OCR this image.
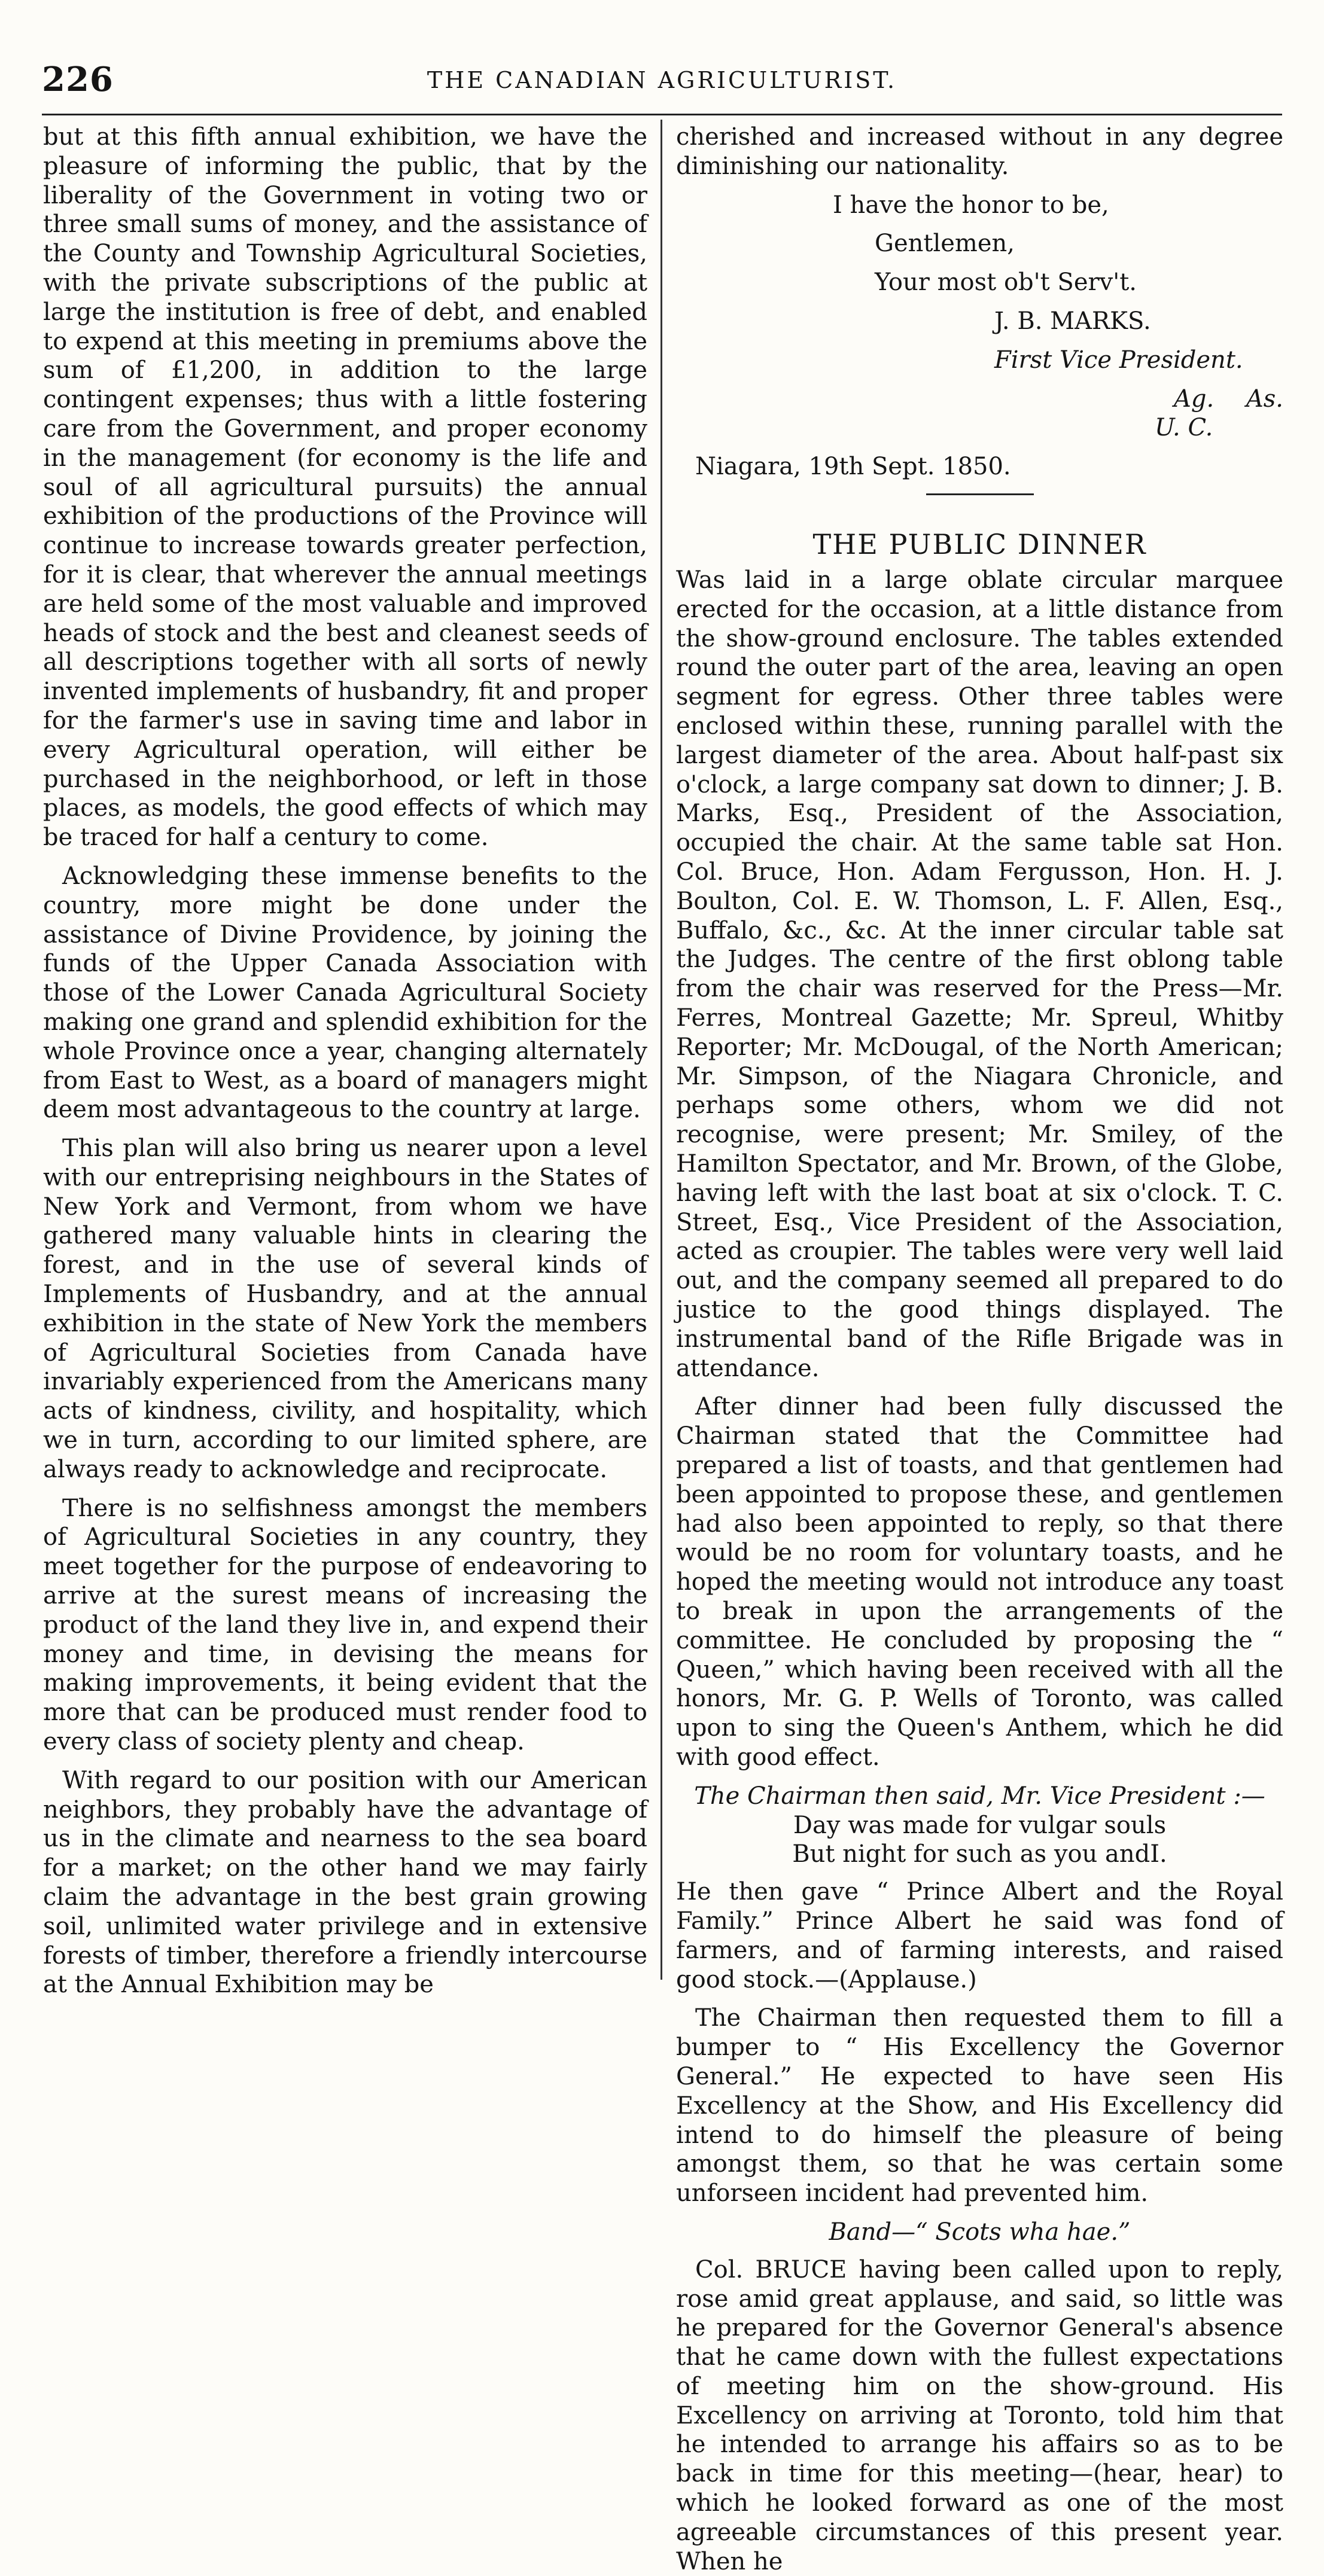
226	THE CANADIAN AGRICULTURIST.

but at this fifth annual exhibition, we have the pleasure of informing the public, that by the liberality of the Government in voting two or three small sums of money, and the assistance of the County and Township Agricultural Societies, with the private subscriptions of the public at large the institution is free of debt, and enabled to expend at this meeting in premiums above the sum of £1,200, in addition to the large contingent expenses; thus with a little fostering care from the Government, and proper economy in the management (for economy is the life and soul of all agricultural pursuits) the annual exhibition of the productions of the Province will continue to increase towards greater perfection, for it is clear, that wherever the annual meetings are held some of the most valuable and improved heads of stock and the best and cleanest seeds of all descriptions together with all sorts of newly invented implements of husbandry, fit and proper for the farmer's use in saving time and labor in every Agricultural operation, will either be purchased in the neighborhood, or left in those places, as models, the good effects of which may be traced for half a century to come.

Acknowledging these immense benefits to the country, more might be done under the assistance of Divine Providence, by joining the funds of the Upper Canada Association with those of the Lower Canada Agricultural Society making one grand and splendid exhibition for the whole Province once a year, changing alternately from East to West, as a board of managers might deem most advantageous to the country at large.

This plan will also bring us nearer upon a level with our entreprising neighbours in the States of New York and Vermont, from whom we have gathered many valuable hints in clearing the forest, and in the use of several kinds of Implements of Husbandry, and at the annual exhibition in the state of New York the members of Agricultural Societies from Canada have invariably experienced from the Americans many acts of kindness, civility, and hospitality, which we in turn, according to our limited sphere, are always ready to acknowledge and reciprocate.

There is no selfishness amongst the members of Agricultural Societies in any country, they meet together for the purpose of endeavoring to arrive at the surest means of increasing the product of the land they live in, and expend their money and time, in devising the means for making improvements, it being evident that the more that can be produced must render food to every class of society plenty and cheap.

With regard to our position with our American neighbors, they probably have the advantage of us in the climate and nearness to the sea board for a market; on the other hand we may fairly claim the advantage in the best grain growing soil, unlimited water privilege and in extensive forests of timber, therefore a friendly intercourse at the Annual Exhibition may be

cherished and increased without in any degree diminishing our nationality.

I have the honor to be,

Gentlemen,

Your most ob't Serv't.

J. B. MARKS.

First Vice President.

Ag. As. U. C.

Niagara, 19th Sept. 1850.

THE PUBLIC DINNER

Was laid in a large oblate circular marquee erected for the occasion, at a little distance from the show-ground enclosure. The tables extended round the outer part of the area, leaving an open segment for egress. Other three tables were enclosed within these, running parallel with the largest diameter of the area. About half-past six o'clock, a large company sat down to dinner; J. B. Marks, Esq., President of the Association, occupied the chair. At the same table sat Hon. Col. Bruce, Hon. Adam Fergusson, Hon. H. J. Boulton, Col. E. W. Thomson, L. F. Allen, Esq., Buffalo, &c., &c. At the inner circular table sat the Judges. The centre of the first oblong table from the chair was reserved for the Press—Mr. Ferres, Montreal Gazette; Mr. Spreul, Whitby Reporter; Mr. McDougal, of the North American; Mr. Simpson, of the Niagara Chronicle, and perhaps some others, whom we did not recognise, were present; Mr. Smiley, of the Hamilton Spectator, and Mr. Brown, of the Globe, having left with the last boat at six o'clock. T. C. Street, Esq., Vice President of the Association, acted as croupier. The tables were very well laid out, and the company seemed all prepared to do justice to the good things displayed. The instrumental band of the Rifle Brigade was in attendance.

After dinner had been fully discussed the Chairman stated that the Committee had prepared a list of toasts, and that gentlemen had been appointed to propose these, and gentlemen had also been appointed to reply, so that there would be no room for voluntary toasts, and he hoped the meeting would not introduce any toast to break in upon the arrangements of the committee. He concluded by proposing the “ Queen,” which having been received with all the honors, Mr. G. P. Wells of Toronto, was called upon to sing the Queen's Anthem, which he did with good effect.

The Chairman then said, Mr. Vice President :—

Day was made for vulgar souls

But night for such as you andI.

He then gave “ Prince Albert and the Royal Family.” Prince Albert he said was fond of farmers, and of farming interests, and raised good stock.—(Applause.)

The Chairman then requested them to fill a bumper to “ His Excellency the Governor General.” He expected to have seen His Excellency at the Show, and His Excellency did intend to do himself the pleasure of being amongst them, so that he was certain some unforseen incident had prevented him.

Band—“ Scots wha hae.”

Col. BRUCE having been called upon to reply, rose amid great applause, and said, so little was he prepared for the Governor General's absence that he came down with the fullest expectations of meeting him on the show-ground. His Excellency on arriving at Toronto, told him that he intended to arrange his affairs so as to be back in time for this meeting—(hear, hear) to which he looked forward as one of the most agreeable circumstances of this present year. When he
